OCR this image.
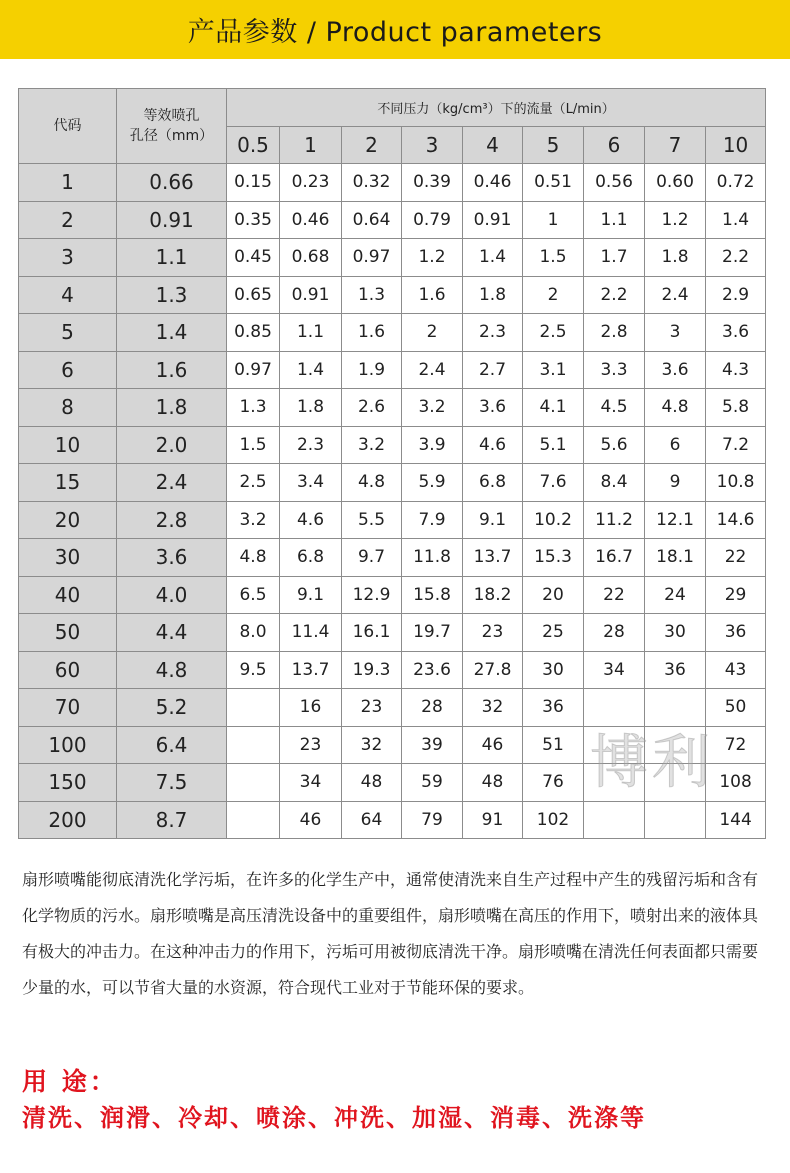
产品参数 / Product parameters
代码	等效喷孔
孔径（mm）	不同压力（kg/cm³）下的流量（L/min）								
		0.5	1	2	3	4	5	6	7	10
1	0.66	0.15	0.23	0.32	0.39	0.46	0.51	0.56	0.60	0.72
2	0.91	0.35	0.46	0.64	0.79	0.91	1	1.1	1.2	1.4
3	1.1	0.45	0.68	0.97	1.2	1.4	1.5	1.7	1.8	2.2
4	1.3	0.65	0.91	1.3	1.6	1.8	2	2.2	2.4	2.9
5	1.4	0.85	1.1	1.6	2	2.3	2.5	2.8	3	3.6
6	1.6	0.97	1.4	1.9	2.4	2.7	3.1	3.3	3.6	4.3
8	1.8	1.3	1.8	2.6	3.2	3.6	4.1	4.5	4.8	5.8
10	2.0	1.5	2.3	3.2	3.9	4.6	5.1	5.6	6	7.2
15	2.4	2.5	3.4	4.8	5.9	6.8	7.6	8.4	9	10.8
20	2.8	3.2	4.6	5.5	7.9	9.1	10.2	11.2	12.1	14.6
30	3.6	4.8	6.8	9.7	11.8	13.7	15.3	16.7	18.1	22
40	4.0	6.5	9.1	12.9	15.8	18.2	20	22	24	29
50	4.4	8.0	11.4	16.1	19.7	23	25	28	30	36
60	4.8	9.5	13.7	19.3	23.6	27.8	30	34	36	43
70	5.2		16	23	28	32	36			50
100	6.4		23	32	39	46	51			72
150	7.5		34	48	59	48	76			108
200	8.7		46	64	79	91	102			144
博利

扇形喷嘴能彻底清洗化学污垢，在许多的化学生产中，通常使清洗来自生产过程中产生的残留污垢和含有化学物质的污水。扇形喷嘴是高压清洗设备中的重要组件，扇形喷嘴在高压的作用下，喷射出来的液体具有极大的冲击力。在这种冲击力的作用下，污垢可用被彻底清洗干净。扇形喷嘴在清洗任何表面都只需要少量的水，可以节省大量的水资源，符合现代工业对于节能环保的要求。

用 途：
清洗、润滑、冷却、喷涂、冲洗、加湿、消毒、洗涤等
